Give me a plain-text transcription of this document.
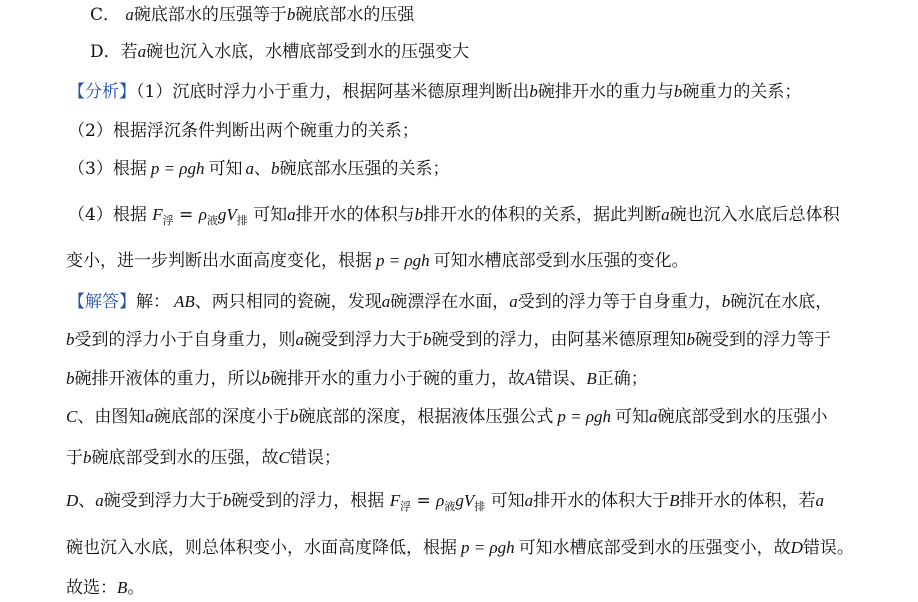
C． a碗底部水的压强等于b碗底部水的压强
D．若a碗也沉入水底，水槽底部受到水的压强变大
【分析】（1）沉底时浮力小于重力，根据阿基米德原理判断出b碗排开水的重力与b碗重力的关系；
（2）根据浮沉条件判断出两个碗重力的关系；
（3）根据 p = ρgh 可知 a、b碗底部水压强的关系；
（4）根据 $F_浮 = \rho_液gV_排$ 可知a排开水的体积与b排开水的体积的关系，据此判断a碗也沉入水底后总体积
变小，进一步判断出水面高度变化，根据 p = ρgh 可知水槽底部受到水压强的变化。
【解答】解： AB、两只相同的瓷碗，发现a碗漂浮在水面，a受到的浮力等于自身重力，b碗沉在水底，
b受到的浮力小于自身重力，则a碗受到浮力大于b碗受到的浮力，由阿基米德原理知b碗受到的浮力等于
b碗排开液体的重力，所以b碗排开水的重力小于碗的重力，故A错误、B正确；
C、由图知a碗底部的深度小于b碗底部的深度，根据液体压强公式 p = ρgh 可知a碗底部受到水的压强小
于b碗底部受到水的压强，故C错误；
D、a碗受到浮力大于b碗受到的浮力，根据 $F_浮 = \rho_液gV_排$ 可知a排开水的体积大于B排开水的体积，若a
碗也沉入水底，则总体积变小，水面高度降低，根据 p = ρgh 可知水槽底部受到水的压强变小，故D错误。
故选：B。
